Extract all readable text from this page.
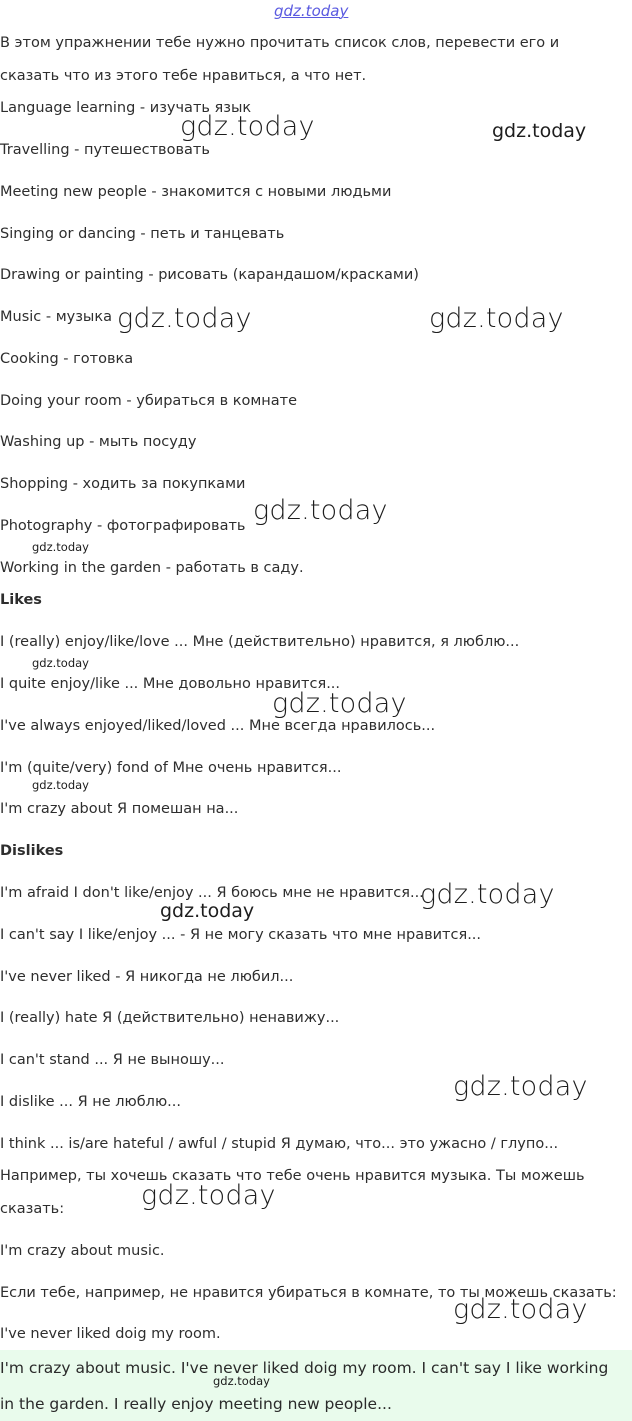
gdz.today
В этом упражнении тебе нужно прочитать список слов, перевести его и
сказать что из этого тебе нравиться, а что нет.
Language learning - изучать язык
Travelling - путешествовать
Meeting new people - знакомится с новыми людьми
Singing or dancing - петь и танцевать
Drawing or painting - рисовать (карандашом/красками)
Music - музыка
Cooking - готовка
Doing your room - убираться в комнате
Washing up - мыть посуду
Shopping - ходить за покупками
Photography - фотографировать
Working in the garden - работать в саду.
Likes
I (really) enjoy/like/love ... Мне (действительно) нравится, я люблю...
I quite enjoy/like ... Мне довольно нравится...
I've always enjoyed/liked/loved ... Мне всегда нравилось...
I'm (quite/very) fond of Мне очень нравится...
I'm crazy about Я помешан на...
Dislikes
I'm afraid I don't like/enjoy ... Я боюсь мне не нравится...
I can't say I like/enjoy ... - Я не могу сказать что мне нравится...
I've never liked - Я никогда не любил...
I (really) hate Я (действительно) ненавижу...
I can't stand ... Я не выношу...
I dislike ... Я не люблю...
I think ... is/are hateful / awful / stupid Я думаю, что... это ужасно / глупо...
Например, ты хочешь сказать что тебе очень нравится музыка. Ты можешь
сказать:
I'm crazy about music.
Если тебе, например, не нравится убираться в комнате, то ты можешь сказать:
I've never liked doig my room.
I'm crazy about music. I've never liked doig my room. I can't say I like working
in the garden. I really enjoy meeting new people...
gdz.today	gdz.today
gdz.today	gdz.today
gdz.today
gdz.today
gdz.today
gdz.today
gdz.today
gdz.today
gdz.today
gdz.today
gdz.today
gdz.today
gdz.today
